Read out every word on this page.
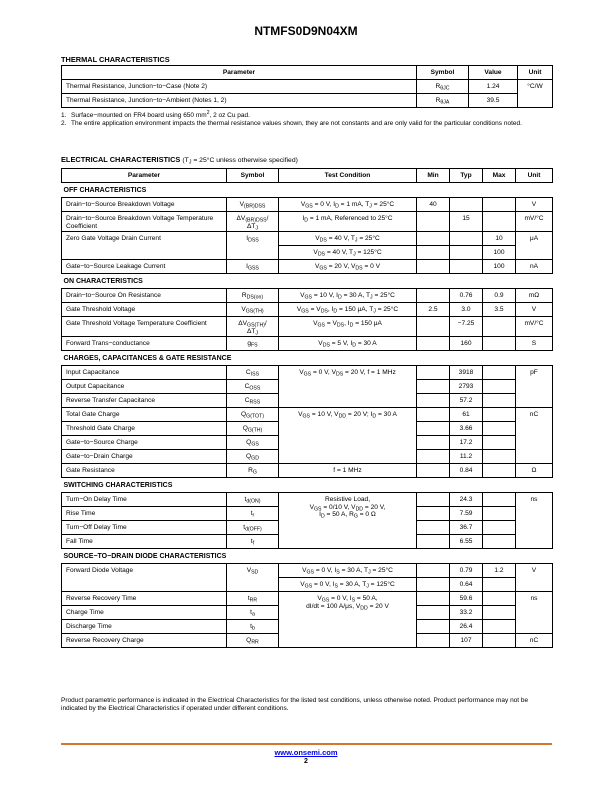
NTMFS0D9N04XM
THERMAL CHARACTERISTICS
Parameter	Symbol	Value	Unit
Thermal Resistance, Junction−to−Case (Note 2)	$R_{\theta JC}$	1.24	°C/W
Thermal Resistance, Junction−to−Ambient (Notes 1, 2)	$R_{\theta JA}$	39.5	
1. Surface−mounted on FR4 board using 650 $mm^2$, 2 oz Cu pad.
2. The entire application environment impacts the thermal resistance values shown, they are not constants and are only valid for the particular conditions noted.
ELECTRICAL CHARACTERISTICS ($T_J = 25^\circ C$ unless otherwise specified)
Parameter	Symbol	Test Condition	Min	Typ	Max	Unit
OFF CHARACTERISTICS						
Drain−to−Source Breakdown Voltage	$V_{(BR)DSS}$	$V_{GS} = 0$ V, $I_D = 1$ mA, $T_J = 25^\circ C$	40			V
Drain−to−Source Breakdown Voltage Temperature Coefficient	$\Delta V_{(BR)DSS}/$
$\Delta T_J$	$I_D = 1$ mA, Referenced to 25°C		15		mV/°C
Zero Gate Voltage Drain Current	$I_{DSS}$	$V_{DS} = 40$ V, $T_J = 25^\circ C$			10	μA
		$V_{DS} = 40$ V, $T_J = 125^\circ C$			100	
Gate−to−Source Leakage Current	$I_{GSS}$	$V_{GS} = 20$ V, $V_{DS} = 0$ V			100	nA
ON CHARACTERISTICS						
Drain−to−Source On Resistance	$R_{DS(on)}$	$V_{GS} = 10$ V, $I_D = 30$ A, $T_J = 25^\circ C$		0.76	0.9	mΩ
Gate Threshold Voltage	$V_{GS(TH)}$	$V_{GS} = V_{DS}$, $I_D = 150$ μA, $T_J = 25^\circ C$	2.5	3.0	3.5	V
Gate Threshold Voltage Temperature Coefficient	$\Delta V_{GS(TH)}/$
$\Delta T_J$	$V_{GS} = V_{DS}$, $I_D = 150$ μA		−7.25		mV/°C
Forward Trans−conductance	$g_{FS}$	$V_{DS} = 5$ V, $I_D = 30$ A		160		S
CHARGES, CAPACITANCES & GATE RESISTANCE						
Input Capacitance	$C_{ISS}$	$V_{GS} = 0$ V, $V_{DS} = 20$ V, f = 1 MHz		3918		pF
Output Capacitance	$C_{OSS}$			2793		
Reverse Transfer Capacitance	$C_{RSS}$			57.2		
Total Gate Charge	$Q_{G(TOT)}$	$V_{GS} = 10$ V, $V_{DD} = 20$ V; $I_D = 30$ A		61		nC
Threshold Gate Charge	$Q_{G(TH)}$			3.66		
Gate−to−Source Charge	$Q_{GS}$			17.2		
Gate−to−Drain Charge	$Q_{GD}$			11.2		
Gate Resistance	$R_G$	f = 1 MHz		0.84		Ω
SWITCHING CHARACTERISTICS						
Turn−On Delay Time	$t_{d(ON)}$	Resistive Load,
$V_{GS} = 0/10$ V, $V_{DD} = 20$ V,
$I_D = 50$ A, $R_G = 0$ Ω		24.3		ns
Rise Time	$t_r$			7.59		
Turn−Off Delay Time	$t_{d(OFF)}$			36.7		
Fall Time	$t_f$			6.55		
SOURCE−TO−DRAIN DIODE CHARACTERISTICS						
Forward Diode Voltage	$V_{SD}$	$V_{GS} = 0$ V, $I_S = 30$ A, $T_J = 25^\circ C$		0.79	1.2	V
		$V_{GS} = 0$ V, $I_S = 30$ A, $T_J = 125^\circ C$		0.64		
Reverse Recovery Time	$t_{RR}$	$V_{GS} = 0$ V, $I_S = 50$ A,
dI/dt = 100 A/μs, $V_{DD} = 20$ V		59.6		ns
Charge Time	$t_a$			33.2		
Discharge Time	$t_b$			26.4		
Reverse Recovery Charge	$Q_{RR}$			107		nC
Product parametric performance is indicated in the Electrical Characteristics for the listed test conditions, unless otherwise noted. Product performance may not be indicated by the Electrical Characteristics if operated under different conditions.
www.onsemi.com
2
